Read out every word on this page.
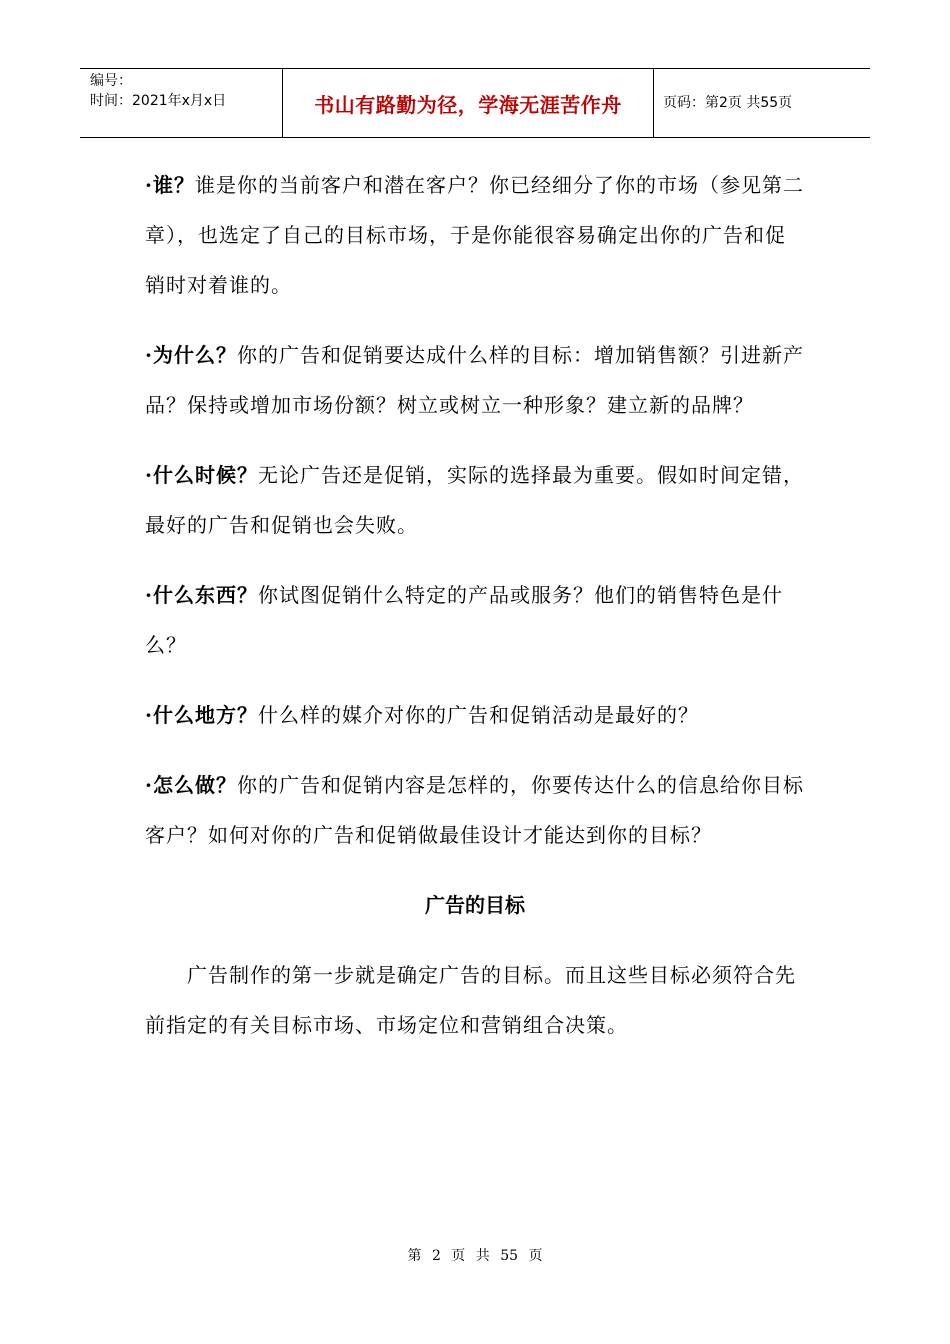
编号：
时间：2021年x月x日	书山有路勤为径，学海无涯苦作舟	页码：第2页 共55页

·谁？谁是你的当前客户和潜在客户？你已经细分了你的市场（参见第二章），也选定了自己的目标市场，于是你能很容易确定出你的广告和促销时对着谁的。

·为什么？你的广告和促销要达成什么样的目标：增加销售额？引进新产品？保持或增加市场份额？树立或树立一种形象？建立新的品牌？

·什么时候？无论广告还是促销，实际的选择最为重要。假如时间定错，最好的广告和促销也会失败。

·什么东西？你试图促销什么特定的产品或服务？他们的销售特色是什么？

·什么地方？什么样的媒介对你的广告和促销活动是最好的？

·怎么做？你的广告和促销内容是怎样的，你要传达什么的信息给你目标客户？如何对你的广告和促销做最佳设计才能达到你的目标？

广告的目标

广告制作的第一步就是确定广告的目标。而且这些目标必须符合先前指定的有关目标市场、市场定位和营销组合决策。

第 2 页 共 55 页
